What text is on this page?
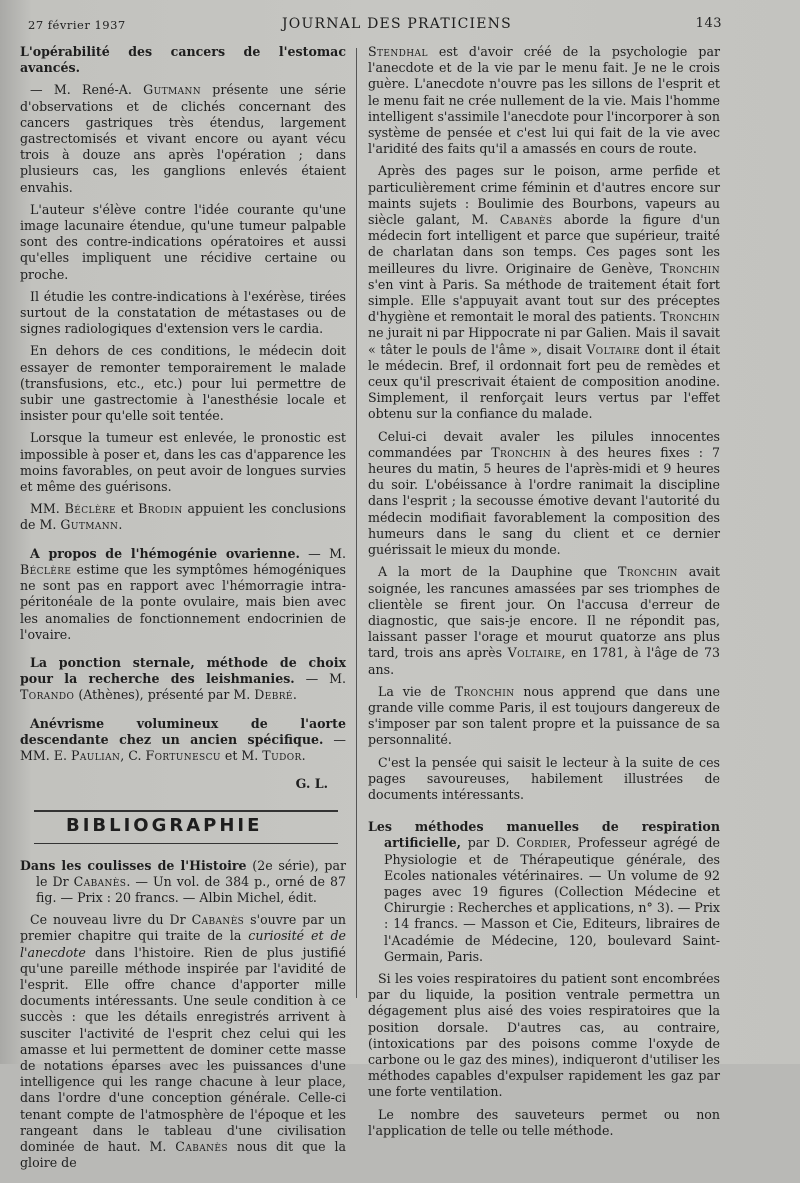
27 février 1937	JOURNAL DES PRATICIENS	143

L'opérabilité des cancers de l'estomac avancés.

— M. René-A. Gutmann présente une série d'observations et de clichés concernant des cancers gastriques très étendus, largement gastrectomisés et vivant encore ou ayant vécu trois à douze ans après l'opération ; dans plusieurs cas, les ganglions enlevés étaient envahis.

L'auteur s'élève contre l'idée courante qu'une image lacunaire étendue, qu'une tumeur palpable sont des contre-indications opératoires et aussi qu'elles impliquent une récidive certaine ou proche.

Il étudie les contre-indications à l'exérèse, tirées surtout de la constatation de métastases ou de signes radiologiques d'extension vers le cardia.

En dehors de ces conditions, le médecin doit essayer de remonter temporairement le malade (transfusions, etc., etc.) pour lui permettre de subir une gastrectomie à l'anesthésie locale et insister pour qu'elle soit tentée.

Lorsque la tumeur est enlevée, le pronostic est impossible à poser et, dans les cas d'apparence les moins favorables, on peut avoir de longues survies et même des guérisons.

MM. Béclère et Brodin appuient les conclusions de M. Gutmann.

A propos de l'hémogénie ovarienne. — M. Béclère estime que les symptômes hémogéniques ne sont pas en rapport avec l'hémorragie intra-péritonéale de la ponte ovulaire, mais bien avec les anomalies de fonctionnement endocrinien de l'ovaire.

La ponction sternale, méthode de choix pour la recherche des leishmanies. — M. Torando (Athènes), présenté par M. Debré.

Anévrisme volumineux de l'aorte descendante chez un ancien spécifique. — MM. E. Paulian, C. Fortunescu et M. Tudor.

G. L.
BIBLIOGRAPHIE

Dans les coulisses de l'Histoire (2e série), par le Dr Cabanès. — Un vol. de 384 p., orné de 87 fig. — Prix : 20 francs. — Albin Michel, édit.

Ce nouveau livre du Dr Cabanès s'ouvre par un premier chapitre qui traite de la curiosité et de l'anecdote dans l'histoire. Rien de plus justifié qu'une pareille méthode inspirée par l'avidité de l'esprit. Elle offre chance d'apporter mille documents intéressants. Une seule condition à ce succès : que les détails enregistrés arrivent à susciter l'activité de l'esprit chez celui qui les amasse et lui permettent de dominer cette masse de notations éparses avec les puissances d'une intelligence qui les range chacune à leur place, dans l'ordre d'une conception générale. Celle-ci tenant compte de l'atmosphère de l'époque et les rangeant dans le tableau d'une civilisation dominée de haut. M. Cabanès nous dit que la gloire de

Stendhal est d'avoir créé de la psychologie par l'anecdote et de la vie par le menu fait. Je ne le crois guère. L'anecdote n'ouvre pas les sillons de l'esprit et le menu fait ne crée nullement de la vie. Mais l'homme intelligent s'assimile l'anecdote pour l'incorporer à son système de pensée et c'est lui qui fait de la vie avec l'aridité des faits qu'il a amassés en cours de route.

Après des pages sur le poison, arme perfide et particulièrement crime féminin et d'autres encore sur maints sujets : Boulimie des Bourbons, vapeurs au siècle galant, M. Cabanès aborde la figure d'un médecin fort intelligent et parce que supérieur, traité de charlatan dans son temps. Ces pages sont les meilleures du livre. Originaire de Genève, Tronchin s'en vint à Paris. Sa méthode de traitement était fort simple. Elle s'appuyait avant tout sur des préceptes d'hygiène et remontait le moral des patients. Tronchin ne jurait ni par Hippocrate ni par Galien. Mais il savait « tâter le pouls de l'âme », disait Voltaire dont il était le médecin. Bref, il ordonnait fort peu de remèdes et ceux qu'il prescrivait étaient de composition anodine. Simplement, il renforçait leurs vertus par l'effet obtenu sur la confiance du malade.

Celui-ci devait avaler les pilules innocentes commandées par Tronchin à des heures fixes : 7 heures du matin, 5 heures de l'après-midi et 9 heures du soir. L'obéissance à l'ordre ranimait la discipline dans l'esprit ; la secousse émotive devant l'autorité du médecin modifiait favorablement la composition des humeurs dans le sang du client et ce dernier guérissait le mieux du monde.

A la mort de la Dauphine que Tronchin avait soignée, les rancunes amassées par ses triomphes de clientèle se firent jour. On l'accusa d'erreur de diagnostic, que sais-je encore. Il ne répondit pas, laissant passer l'orage et mourut quatorze ans plus tard, trois ans après Voltaire, en 1781, à l'âge de 73 ans.

La vie de Tronchin nous apprend que dans une grande ville comme Paris, il est toujours dangereux de s'imposer par son talent propre et la puissance de sa personnalité.

C'est la pensée qui saisit le lecteur à la suite de ces pages savoureuses, habilement illustrées de documents intéressants.

Les méthodes manuelles de respiration artificielle, par D. Cordier, Professeur agrégé de Physiologie et de Thérapeutique générale, des Ecoles nationales vétérinaires. — Un volume de 92 pages avec 19 figures (Collection Médecine et Chirurgie : Recherches et applications, n° 3). — Prix : 14 francs. — Masson et Cie, Editeurs, libraires de l'Académie de Médecine, 120, boulevard Saint-Germain, Paris.

Si les voies respiratoires du patient sont encombrées par du liquide, la position ventrale permettra un dégagement plus aisé des voies respiratoires que la position dorsale. D'autres cas, au contraire, (intoxications par des poisons comme l'oxyde de carbone ou le gaz des mines), indiqueront d'utiliser les méthodes capables d'expulser rapidement les gaz par une forte ventilation.

Le nombre des sauveteurs permet ou non l'application de telle ou telle méthode.
